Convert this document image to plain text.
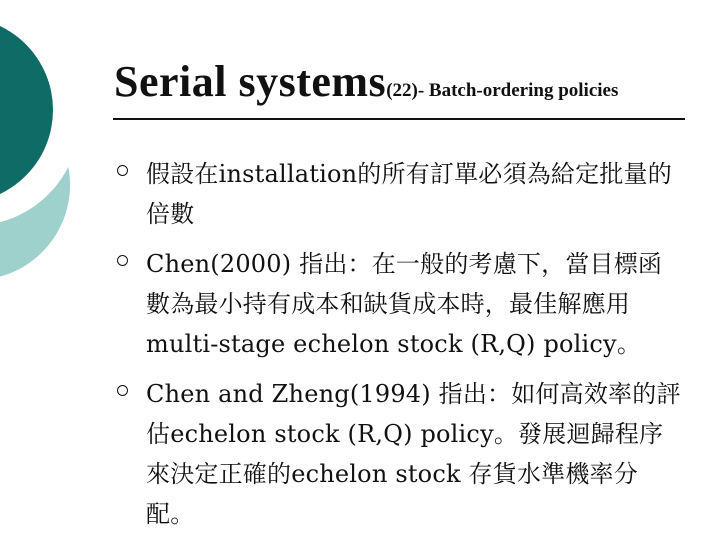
Serial systems(22)- Batch-ordering policies
假設在installation的所有訂單必須為給定批量的倍數
Chen(2000) 指出：在一般的考慮下，當目標函數為最小持有成本和缺貨成本時，最佳解應用multi-stage echelon stock (R,Q) policy。
Chen and Zheng(1994) 指出：如何高效率的評估echelon stock (R,Q) policy。發展迴歸程序來決定正確的echelon stock 存貨水準機率分配。
